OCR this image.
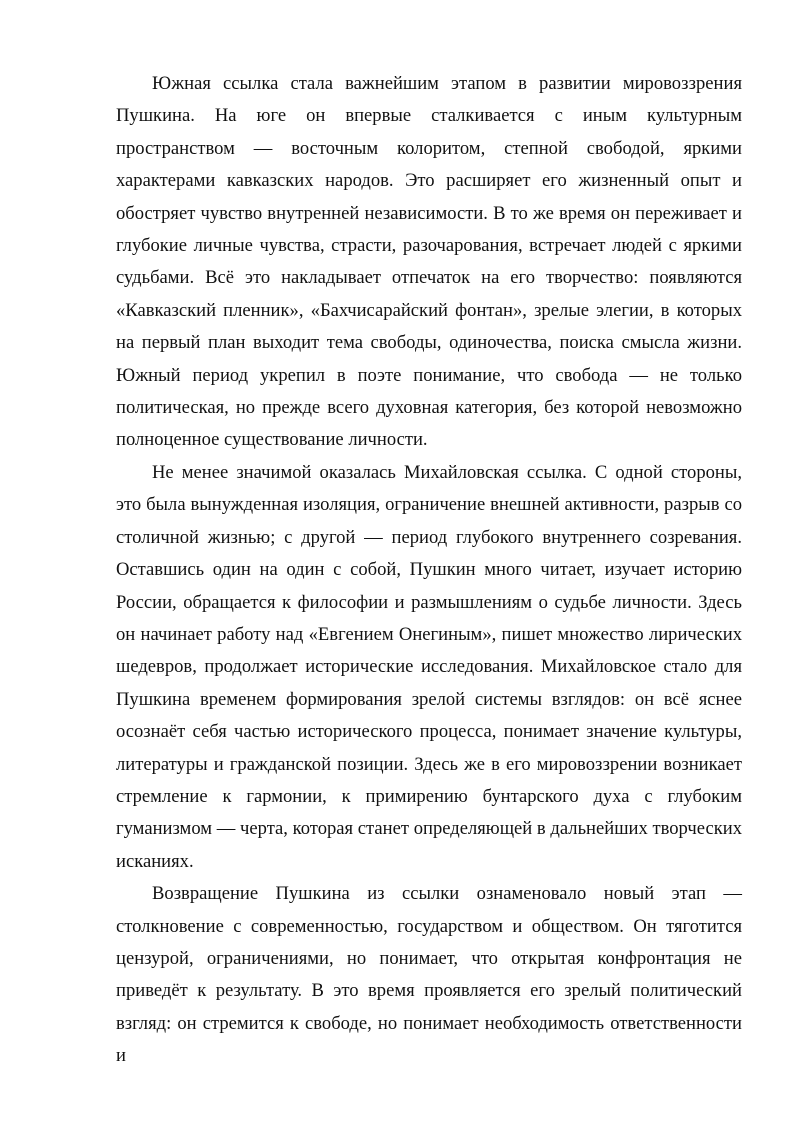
Южная ссылка стала важнейшим этапом в развитии мировоззрения Пушкина. На юге он впервые сталкивается с иным культурным пространством — восточным колоритом, степной свободой, яркими характерами кавказских народов. Это расширяет его жизненный опыт и обостряет чувство внутренней независимости. В то же время он переживает и глубокие личные чувства, страсти, разочарования, встречает людей с яркими судьбами. Всё это накладывает отпечаток на его творчество: появляются «Кавказский пленник», «Бахчисарайский фонтан», зрелые элегии, в которых на первый план выходит тема свободы, одиночества, поиска смысла жизни. Южный период укрепил в поэте понимание, что свобода — не только политическая, но прежде всего духовная категория, без которой невозможно полноценное существование личности.

Не менее значимой оказалась Михайловская ссылка. С одной стороны, это была вынужденная изоляция, ограничение внешней активности, разрыв со столичной жизнью; с другой — период глубокого внутреннего созревания. Оставшись один на один с собой, Пушкин много читает, изучает историю России, обращается к философии и размышлениям о судьбе личности. Здесь он начинает работу над «Евгением Онегиным», пишет множество лирических шедевров, продолжает исторические исследования. Михайловское стало для Пушкина временем формирования зрелой системы взглядов: он всё яснее осознаёт себя частью исторического процесса, понимает значение культуры, литературы и гражданской позиции. Здесь же в его мировоззрении возникает стремление к гармонии, к примирению бунтарского духа с глубоким гуманизмом — черта, которая станет определяющей в дальнейших творческих исканиях.

Возвращение Пушкина из ссылки ознаменовало новый этап — столкновение с современностью, государством и обществом. Он тяготится цензурой, ограничениями, но понимает, что открытая конфронтация не приведёт к результату. В это время проявляется его зрелый политический взгляд: он стремится к свободе, но понимает необходимость ответственности и
